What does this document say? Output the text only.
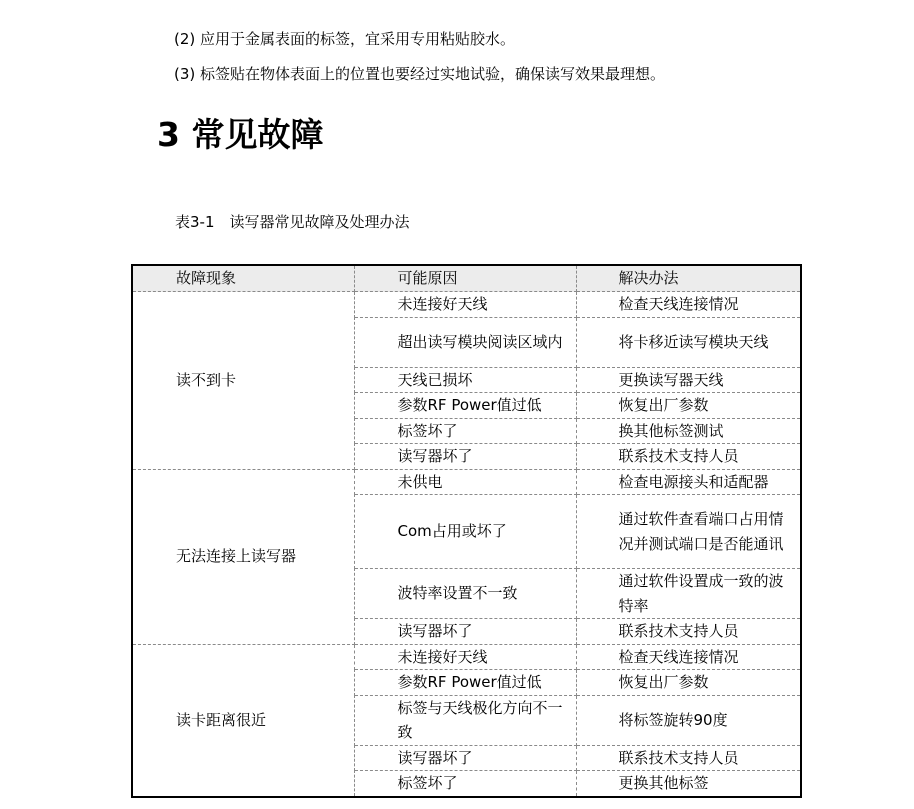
(2) 应用于金属表面的标签，宜采用专用粘贴胶水。
(3) 标签贴在物体表面上的位置也要经过实地试验，确保读写效果最理想。
3 常见故障
表3-1　读写器常见故障及处理办法
故障现象	可能原因	解决办法
读不到卡	未连接好天线	检查天线连接情况
	超出读写模块阅读区域内	将卡移近读写模块天线
	天线已损坏	更换读写器天线
	参数RF Power值过低	恢复出厂参数
	标签坏了	换其他标签测试
	读写器坏了	联系技术支持人员
无法连接上读写器	未供电	检查电源接头和适配器
	Com占用或坏了	通过软件查看端口占用情况并测试端口是否能通讯
	波特率设置不一致	通过软件设置成一致的波特率
	读写器坏了	联系技术支持人员
读卡距离很近	未连接好天线	检查天线连接情况
	参数RF Power值过低	恢复出厂参数
	标签与天线极化方向不一致	将标签旋转90度
	读写器坏了	联系技术支持人员
	标签坏了	更换其他标签
